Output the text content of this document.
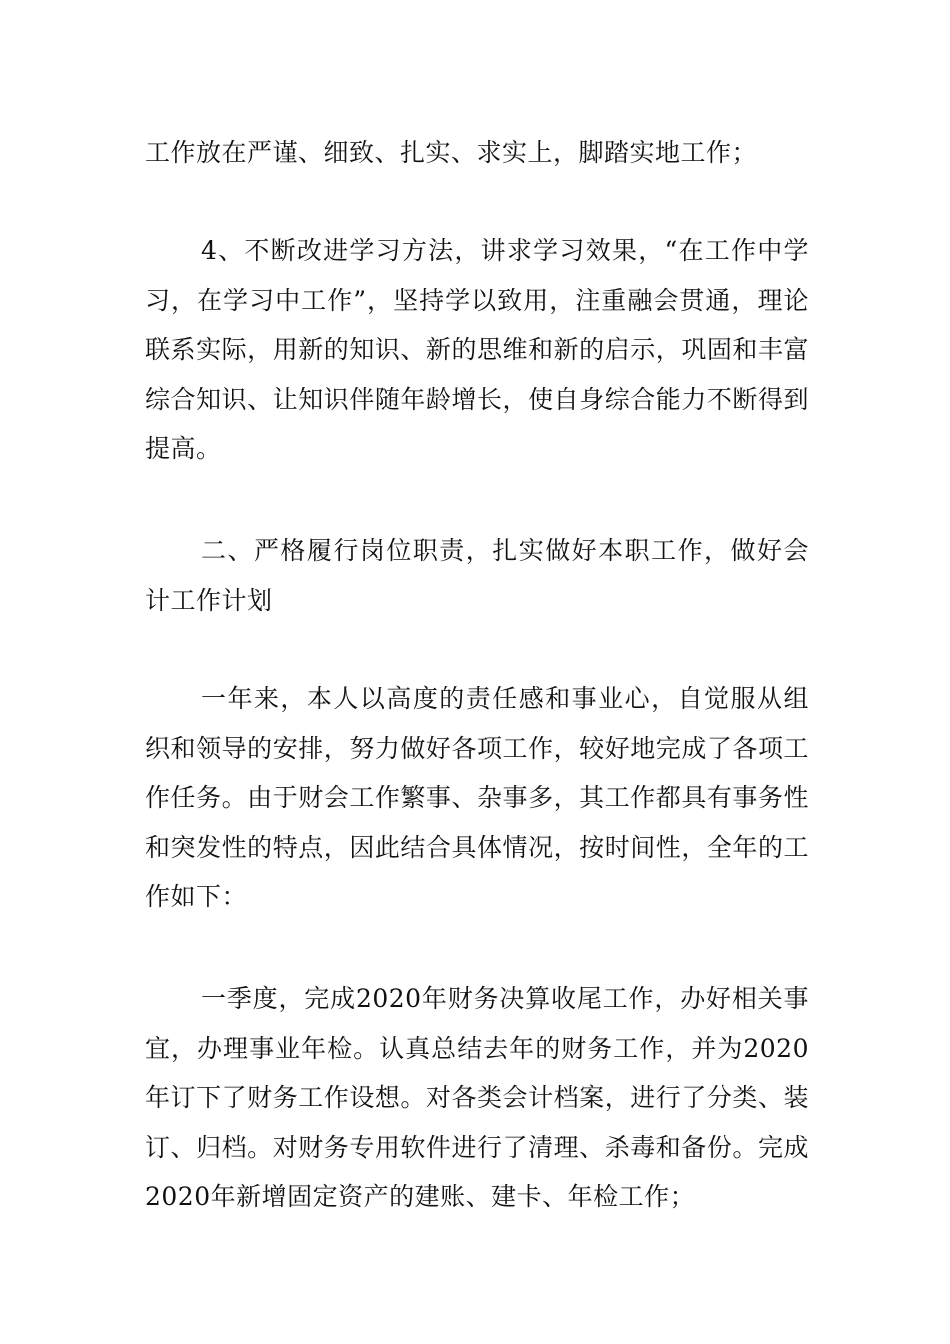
工作放在严谨、细致、扎实、求实上，脚踏实地工作；

4、不断改进学习方法，讲求学习效果，“在工作中学习，在学习中工作”，坚持学以致用，注重融会贯通，理论联系实际，用新的知识、新的思维和新的启示，巩固和丰富综合知识、让知识伴随年龄增长，使自身综合能力不断得到提高。

二、严格履行岗位职责，扎实做好本职工作，做好会计工作计划

一年来，本人以高度的责任感和事业心，自觉服从组织和领导的安排，努力做好各项工作，较好地完成了各项工作任务。由于财会工作繁事、杂事多，其工作都具有事务性和突发性的特点，因此结合具体情况，按时间性，全年的工作如下：

一季度，完成2020年财务决算收尾工作，办好相关事宜，办理事业年检。认真总结去年的财务工作，并为2020年订下了财务工作设想。对各类会计档案，进行了分类、装订、归档。对财务专用软件进行了清理、杀毒和备份。完成2020年新增固定资产的建账、建卡、年检工作；
